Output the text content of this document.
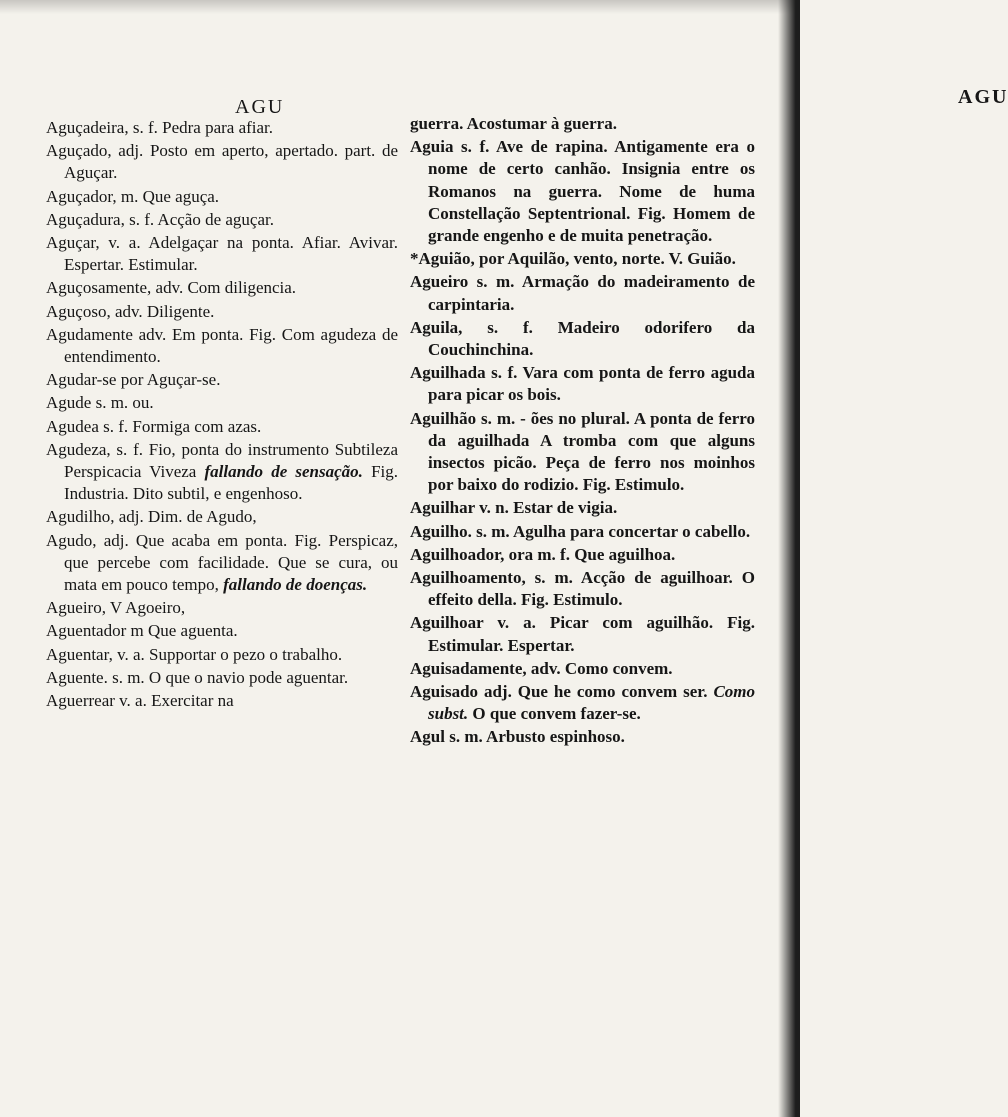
AGU
Aguçadeira, s. f. Pedra para afiar.
Aguçado, adj. Posto em aperto, apertado. part. de Aguçar.
Aguçador, m. Que aguça.
Aguçadura, s. f. Acção de aguçar.
Aguçar, v. a. Adelgaçar na ponta. Afiar. Avivar. Espertar. Estimular.
Aguçosamente, adv. Com diligencia.
Aguçoso, adv. Diligente.
Agudamente adv. Em ponta. Fig. Com agudeza de entendimento.
Agudar-se por Aguçar-se.
Agude s. m. ou.
Agudea s. f. Formiga com azas.
Agudeza, s. f. Fio, ponta do instrumento Subtileza Perspicacia Viveza fallando de sensação. Fig. Industria. Dito subtil, e engenhoso.
Agudilho, adj. Dim. de Agudo,
Agudo, adj. Que acaba em ponta. Fig. Perspicaz, que percebe com facilidade. Que se cura, ou mata em pouco tempo, fallando de doenças.
Agueiro, V Agoeiro,
Aguentador m Que aguenta.
Aguentar, v. a. Supportar o pezo o trabalho.
Aguente. s. m. O que o navio pode aguentar.
Aguerrear v. a. Exercitar na
AGU
guerra. Acostumar à guerra.
Aguia s. f. Ave de rapina. Antigamente era o nome de certo canhão. Insignia entre os Romanos na guerra. Nome de huma Constellação Septentrional. Fig. Homem de grande engenho e de muita penetração.
*Aguião, por Aquilão, vento, norte. V. Guião.
Agueiro s. m. Armação do madeiramento de carpintaria.
Aguila, s. f. Madeiro odorifero da Couchinchina.
Aguilhada s. f. Vara com ponta de ferro aguda para picar os bois.
Aguilhão s. m. - ões no plural. A ponta de ferro da aguilhada A tromba com que alguns insectos picão. Peça de ferro nos moinhos por baixo do rodizio. Fig. Estimulo.
Aguilhar v. n. Estar de vigia.
Aguilho. s. m. Agulha para concertar o cabello.
Aguilhoador, ora m. f. Que aguilhoa.
Aguilhoamento, s. m. Acção de aguilhoar. O effeito della. Fig. Estimulo.
Aguilhoar v. a. Picar com aguilhão. Fig. Estimular. Espertar.
Aguisadamente, adv. Como convem.
Aguisado adj. Que he como convem ser. Como subst. O que convem fazer-se.
Agul s. m. Arbusto espinhoso.
